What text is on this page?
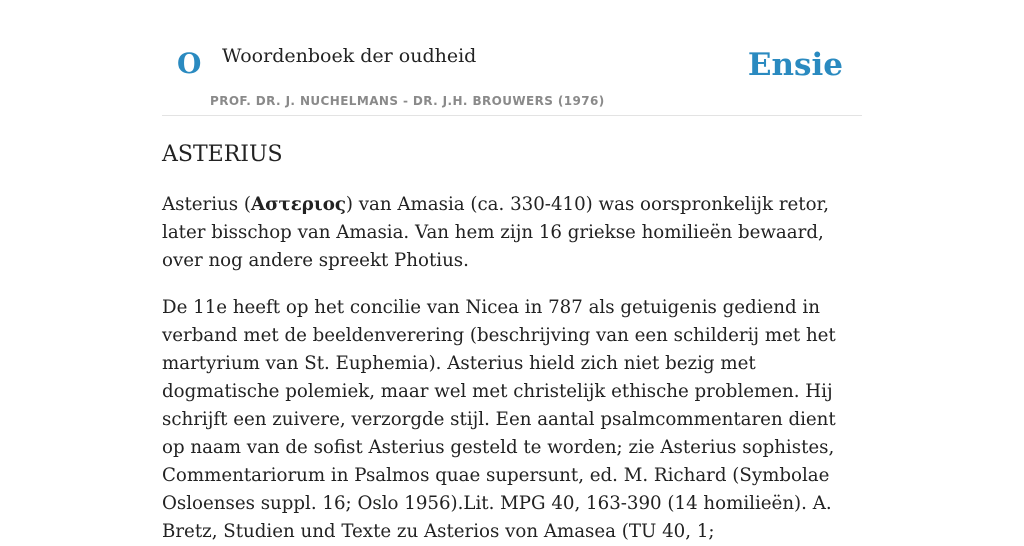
O Woordenboek der oudheid
PROF. DR. J. NUCHELMANS - DR. J.H. BROUWERS (1976)
Ensie
ASTERIUS

Asterius (Αστεριος) van Amasia (ca. 330-410) was oorspronkelijk retor, later bisschop van Amasia. Van hem zijn 16 griekse homilieën bewaard, over nog andere spreekt Photius.

De 11e heeft op het concilie van Nicea in 787 als getuigenis gediend in verband met de beeldenverering (beschrijving van een schilderij met het martyrium van St. Euphemia). Asterius hield zich niet bezig met dogmatische polemiek, maar wel met christelijk ethische problemen. Hij schrijft een zuivere, verzorgde stijl. Een aantal psalmcommentaren dient op naam van de sofist Asterius gesteld te worden; zie Asterius sophistes, Commentariorum in Psalmos quae supersunt, ed. M. Richard (Symbolae Osloenses suppl. 16; Oslo 1956).Lit. MPG 40, 163-390 (14 homilieën). A. Bretz, Studien und Texte zu Asterios von Amasea (TU 40, 1;
